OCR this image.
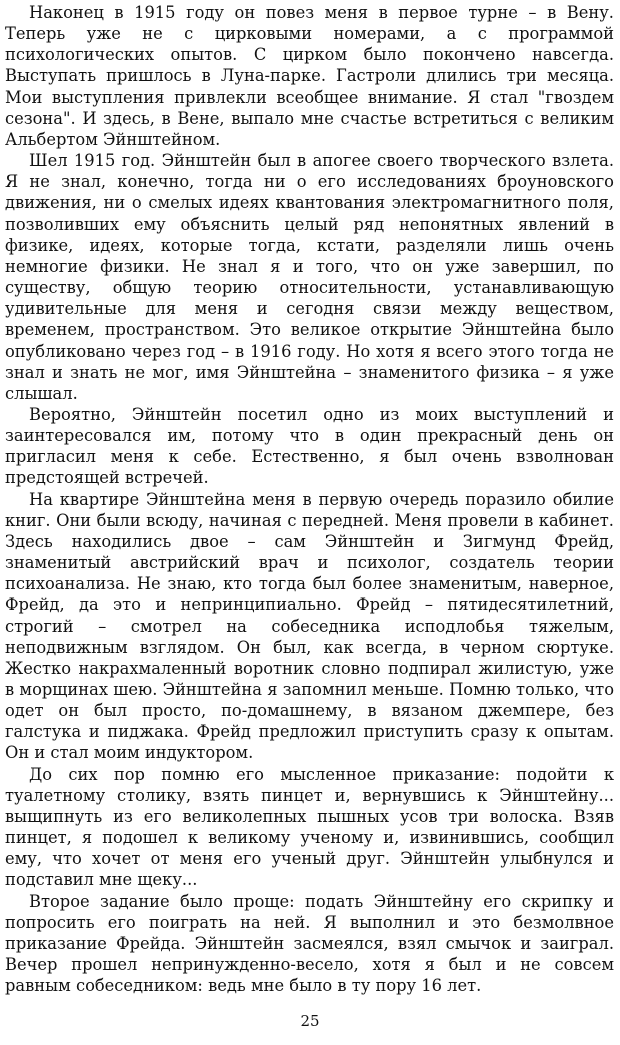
Наконец в 1915 году он повез меня в первое турне – в Вену. Теперь уже не с цирковыми номерами, а с программой психологических опытов. С цирком было покончено навсегда. Выступать пришлось в Луна-парке. Гастроли длились три месяца. Мои выступления привлекли всеобщее внимание. Я стал "гвоздем сезона". И здесь, в Вене, выпало мне счастье встретиться с великим Альбертом Эйнштейном.

Шел 1915 год. Эйнштейн был в апогее своего творческого взлета. Я не знал, конечно, тогда ни о его исследованиях броуновского движения, ни о смелых идеях квантования электромагнитного поля, позволивших ему объяснить целый ряд непонятных явлений в физике, идеях, которые тогда, кстати, разделяли лишь очень немногие физики. Не знал я и того, что он уже завершил, по существу, общую теорию относительности, устанавливающую удивительные для меня и сегодня связи между веществом, временем, пространством. Это великое открытие Эйнштейна было опубликовано через год – в 1916 году. Но хотя я всего этого тогда не знал и знать не мог, имя Эйнштейна – знаменитого физика – я уже слышал.

Вероятно, Эйнштейн посетил одно из моих выступлений и заинтересовался им, потому что в один прекрасный день он пригласил меня к себе. Естественно, я был очень взволнован предстоящей встречей.

На квартире Эйнштейна меня в первую очередь поразило обилие книг. Они были всюду, начиная с передней. Меня провели в кабинет. Здесь находились двое – сам Эйнштейн и Зигмунд Фрейд, знаменитый австрийский врач и психолог, создатель теории психоанализа. Не знаю, кто тогда был более знаменитым, наверное, Фрейд, да это и непринципиально. Фрейд – пятидесятилетний, строгий – смотрел на собеседника исподлобья тяжелым, неподвижным взглядом. Он был, как всегда, в черном сюртуке. Жестко накрахмаленный воротник словно подпирал жилистую, уже в морщинах шею. Эйнштейна я запомнил меньше. Помню только, что одет он был просто, по-домашнему, в вязаном джемпере, без галстука и пиджака. Фрейд предложил приступить сразу к опытам. Он и стал моим индуктором.

До сих пор помню его мысленное приказание: подойти к туалетному столику, взять пинцет и, вернувшись к Эйнштейну... выщипнуть из его великолепных пышных усов три волоска. Взяв пинцет, я подошел к великому ученому и, извинившись, сообщил ему, что хочет от меня его ученый друг. Эйнштейн улыбнулся и подставил мне щеку...

Второе задание было проще: подать Эйнштейну его скрипку и попросить его поиграть на ней. Я выполнил и это безмолвное приказание Фрейда. Эйнштейн засмеялся, взял смычок и заиграл. Вечер прошел непринужденно-весело, хотя я был и не совсем равным собеседником: ведь мне было в ту пору 16 лет.

25
